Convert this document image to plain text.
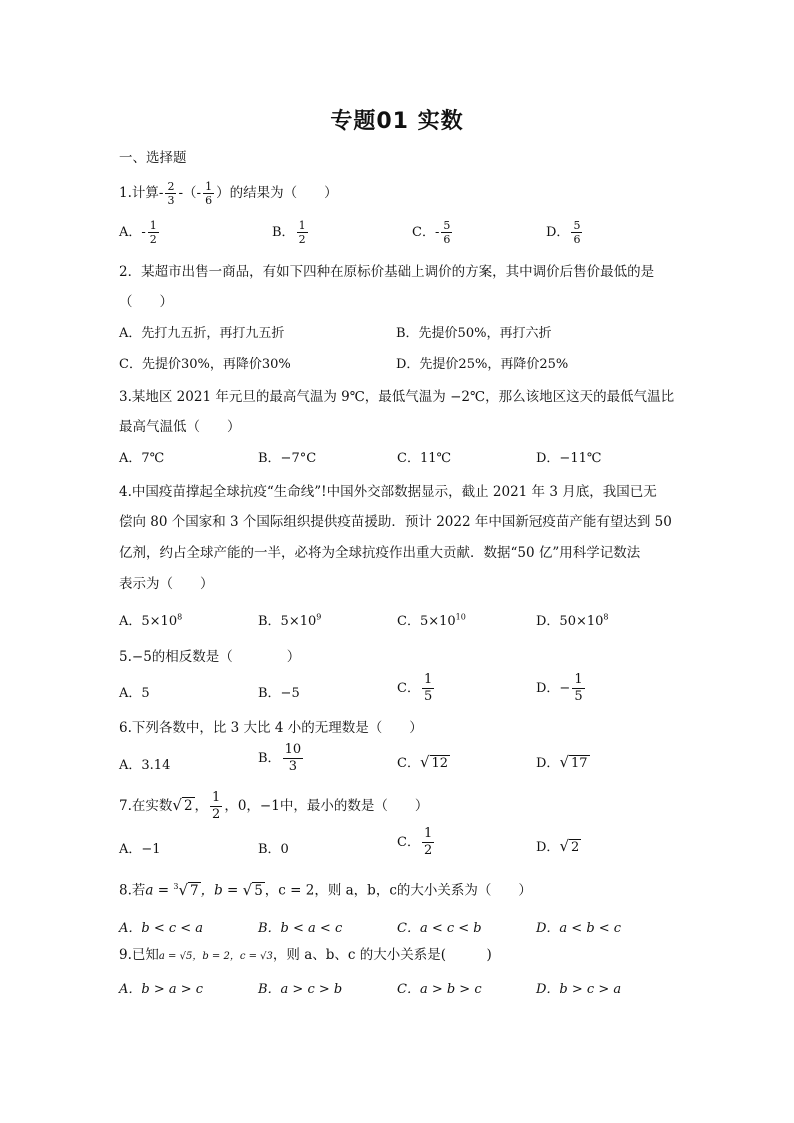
专题01 实数
一、选择题
1.计算- $\frac{2}{3}$ -（- $\frac{1}{6}$ ）的结果为（　　）
A．- $\frac{1}{2}$	B． $\frac{1}{2}$	C．- $\frac{5}{6}$	D． $\frac{5}{6}$
2．某超市出售一商品，有如下四种在原标价基础上调价的方案，其中调价后售价最低的是
（　　）
A．先打九五折，再打九五折	B．先提价50%，再打六折
C．先提价30%，再降价30%	D．先提价25%，再降价25%
3.某地区 2021 年元旦的最高气温为 9℃，最低气温为 −2℃，那么该地区这天的最低气温比
最高气温低（　　）
A．7℃	B．−7°C	C．11℃	D．−11℃
4.中国疫苗撑起全球抗疫“生命线”!中国外交部数据显示，截止 2021 年 3 月底，我国已无
偿向 80 个国家和 3 个国际组织提供疫苗援助．预计 2022 年中国新冠疫苗产能有望达到 50
亿剂，约占全球产能的一半，必将为全球抗疫作出重大贡献．数据“50 亿”用科学记数法
表示为（　　）
A．$5\times 10^8$	B．$5\times 10^9$	C．$5\times 10^{10}$	D．$50\times 10^8$
5.−5的相反数是（　　　　）
A．5	B．−5	C． $\frac{1}{5}$	D．− $\frac{1}{5}$
6.下列各数中，比 3 大比 4 小的无理数是（　　）
A．3.14	B． $\frac{10}{3}$	C．√ 12	D．√ 17
7.在实数√ 2 ， $\frac{1}{2}$ ，0，−1中，最小的数是（　　）
A．−1	B．0	C． $\frac{1}{2}$	D．√ 2
8.若a = $^3$√ 7 ，b = √ 5 ，c = 2，则 a，b，c的大小关系为（　　）
A．b < c < a	B．b < a < c	C．a < c < b	D．a < b < c
9.已知a = √5，b = 2，c = √3，则 a、b、c 的大小关系是(　　　)
A．b > a > c	B．a > c > b	C．a > b > c	D．b > c > a
